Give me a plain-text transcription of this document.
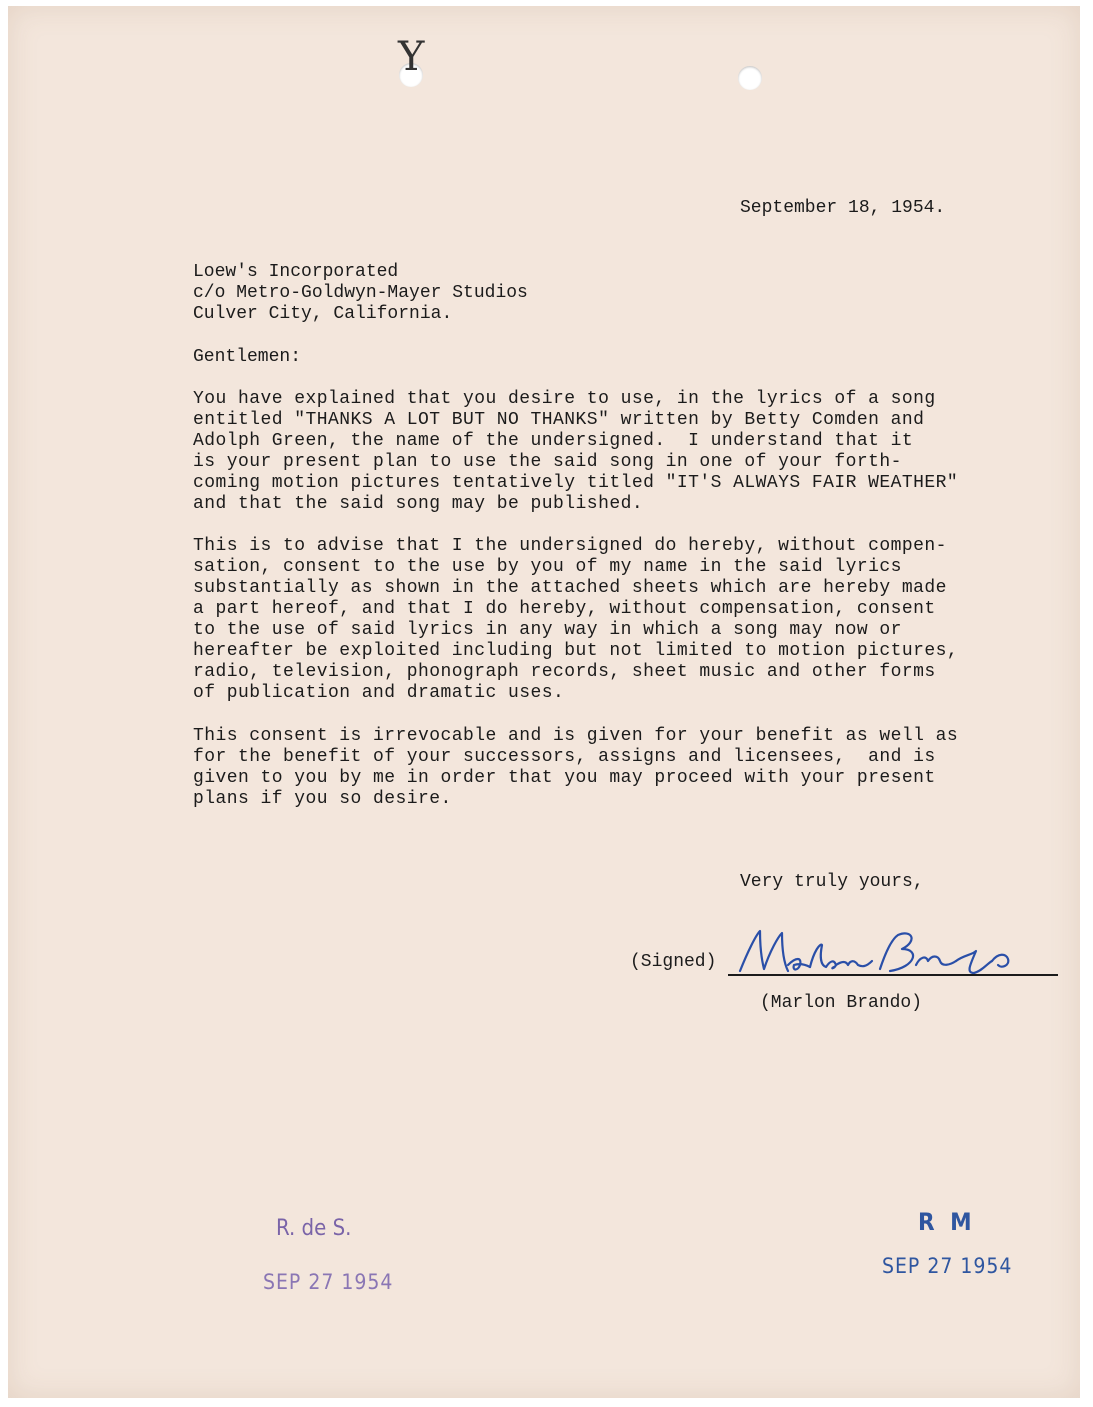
Y

September 18, 1954.

Loew's Incorporated

c/o Metro-Goldwyn-Mayer Studios

Culver City, California.

Gentlemen:

You have explained that you desire to use, in the lyrics of a song

entitled "THANKS A LOT BUT NO THANKS" written by Betty Comden and

Adolph Green, the name of the undersigned.  I understand that it

is your present plan to use the said song in one of your forth-

coming motion pictures tentatively titled "IT'S ALWAYS FAIR WEATHER"

and that the said song may be published.

This is to advise that I the undersigned do hereby, without compen-

sation, consent to the use by you of my name in the said lyrics

substantially as shown in the attached sheets which are hereby made

a part hereof, and that I do hereby, without compensation, consent

to the use of said lyrics in any way in which a song may now or

hereafter be exploited including but not limited to motion pictures,

radio, television, phonograph records, sheet music and other forms

of publication and dramatic uses.

This consent is irrevocable and is given for your benefit as well as

for the benefit of your successors, assigns and licensees,  and is

given to you by me in order that you may proceed with your present

plans if you so desire.

Very truly yours,

(Signed)

(Marlon Brando)

R. de S.

SEP 27 1954

R M

SEP 27 1954
